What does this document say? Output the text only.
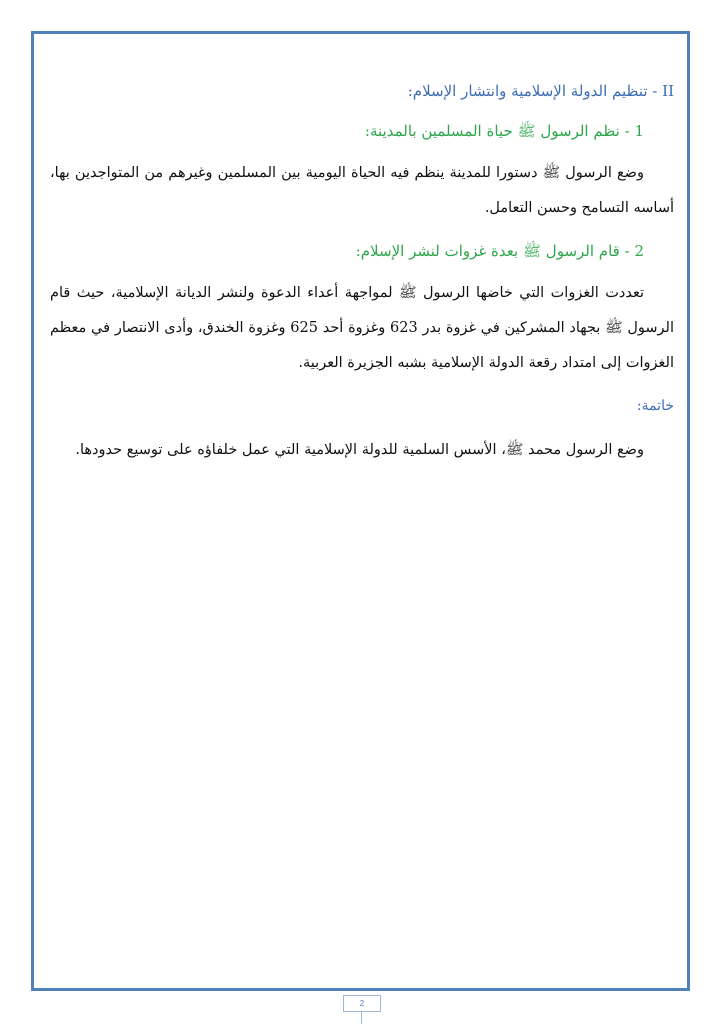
II - تنظيم الدولة الإسلامية وانتشار الإسلام:
1 - نظم الرسول ﷺ حياة المسلمين بالمدينة:

وضع الرسول ﷺ دستورا للمدينة ينظم فيه الحياة اليومية بين المسلمين وغيرهم من المتواجدين بها، أساسه التسامح وحسن التعامل.

2 - قام الرسول ﷺ بعدة غزوات لنشر الإسلام:

تعددت الغزوات التي خاضها الرسول ﷺ لمواجهة أعداء الدعوة ولنشر الديانة الإسلامية، حيث قام الرسول ﷺ بجهاد المشركين في غزوة بدر 623 وغزوة أحد 625 وغزوة الخندق، وأدى الانتصار في معظم الغزوات إلى امتداد رقعة الدولة الإسلامية بشبه الجزيرة العربية.

خاتمة:

وضع الرسول محمد ﷺ، الأسس السلمية للدولة الإسلامية التي عمل خلفاؤه على توسيع حدودها.

2
